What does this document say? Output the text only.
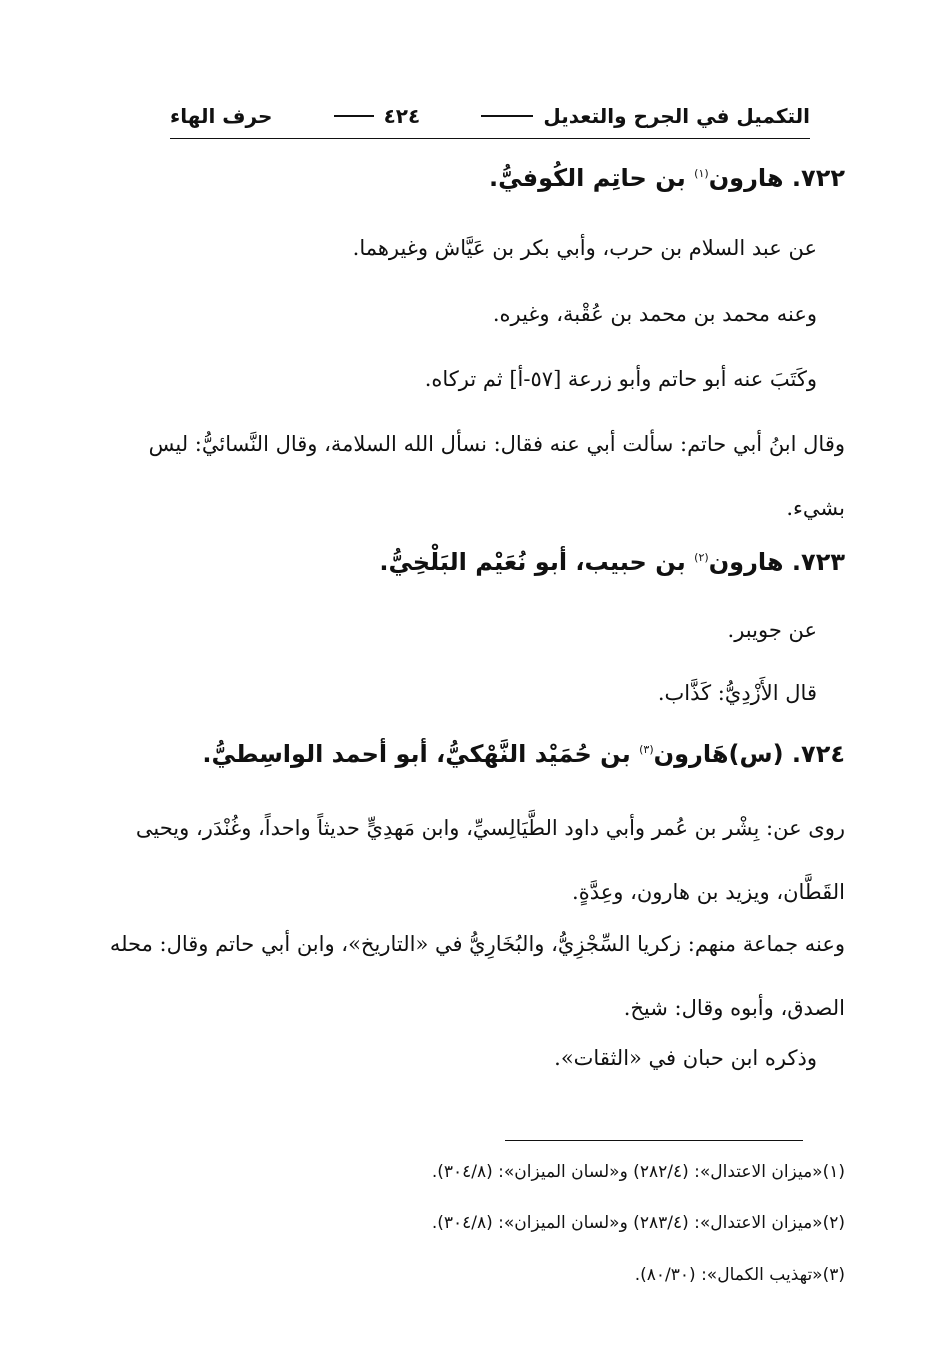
التكميل في الجرح والتعديل
٤٢٤
حرف الهاء
٧٢٢. هارون$^{(١)}$ بن حاتِم الكُوفيُّ.
عن عبد السلام بن حرب، وأبي بكر بن عَيَّاش وغيرهما.
وعنه محمد بن محمد بن عُقْبة، وغيره.
وكَتَبَ عنه أبو حاتم وأبو زرعة [٥٧-أ] ثم تركاه.
وقال ابنُ أبي حاتم: سألت أبي عنه فقال: نسأل الله السلامة، وقال النَّسائيُّ: ليس بشيء.
٧٢٣. هارون$^{(٢)}$ بن حبيب، أبو نُعَيْم البَلْخِيُّ.
عن جويبر.
قال الأَزْدِيُّ: كَذَّاب.
٧٢٤. (س)هَارون$^{(٣)}$ بن حُمَيْد النَّهْكيُّ، أبو أحمد الواسِطيُّ.
روى عن: بِشْر بن عُمر وأبي داود الطَّيَالِسيِّ، وابن مَهدِيٍّ حديثاً واحداً، وغُنْدَر، ويحيى القَطَّان، ويزيد بن هارون، وعِدَّةٍ.
وعنه جماعة منهم: زكريا السِّجْزِيُّ، والبُخَارِيُّ في «التاريخ»، وابن أبي حاتم وقال: محله الصدق، وأبوه وقال: شيخ.
وذكره ابن حبان في «الثقات».
(١)«ميزان الاعتدال»: (٢٨٢/٤) و«لسان الميزان»: (٣٠٤/٨).
(٢)«ميزان الاعتدال»: (٢٨٣/٤) و«لسان الميزان»: (٣٠٤/٨).
(٣)«تهذيب الكمال»: (٨٠/٣٠).
